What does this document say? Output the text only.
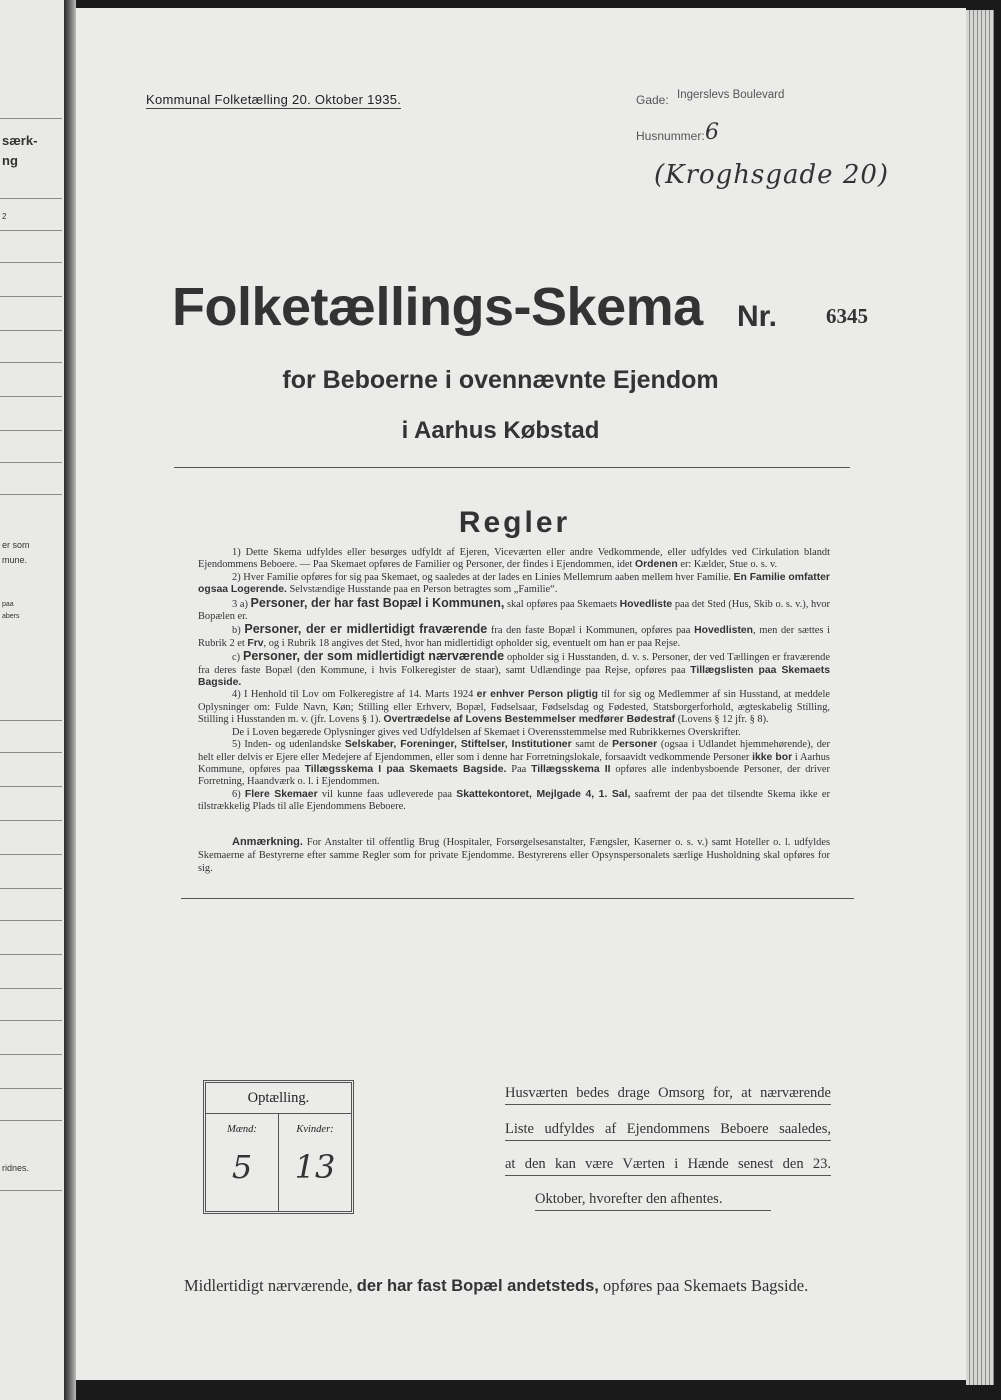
særk-
ng
2
er som
mune.
paa
abers
ridnes.
Kommunal Folketælling 20. Oktober 1935.	Gade: Ingerslevs Boulevard
Husnummer: 6
(Kroghsgade 20)
Folketællings-Skema Nr. 6345
for Beboerne i ovennævnte Ejendom
i Aarhus Købstad
Regler

1) Dette Skema udfyldes eller besørges udfyldt af Ejeren, Viceværten eller andre Vedkommende, eller udfyldes ved Cirkulation blandt Ejendommens Beboere. — Paa Skemaet opføres de Familier og Personer, der findes i Ejendommen, idet Ordenen er: Kælder, Stue o. s. v.

2) Hver Familie opføres for sig paa Skemaet, og saaledes at der lades en Linies Mellemrum aaben mellem hver Familie. En Familie omfatter ogsaa Logerende. Selvstændige Husstande paa en Person betragtes som „Familie“.

3 a) Personer, der har fast Bopæl i Kommunen, skal opføres paa Skemaets Hovedliste paa det Sted (Hus, Skib o. s. v.), hvor Bopælen er.

b) Personer, der er midlertidigt fraværende fra den faste Bopæl i Kommunen, opføres paa Hovedlisten, men der sættes i Rubrik 2 et Frv, og i Rubrik 18 angives det Sted, hvor han midlertidigt opholder sig, eventuelt om han er paa Rejse.

c) Personer, der som midlertidigt nærværende opholder sig i Husstanden, d. v. s. Personer, der ved Tællingen er fraværende fra deres faste Bopæl (den Kommune, i hvis Folkeregister de staar), samt Udlændinge paa Rejse, opføres paa Tillægslisten paa Skemaets Bagside.

4) I Henhold til Lov om Folkeregistre af 14. Marts 1924 er enhver Person pligtig til for sig og Medlemmer af sin Husstand, at meddele Oplysninger om: Fulde Navn, Køn; Stilling eller Erhverv, Bopæl, Fødselsaar, Fødselsdag og Fødested, Statsborgerforhold, ægteskabelig Stilling, Stilling i Husstanden m. v. (jfr. Lovens § 1). Overtrædelse af Lovens Bestemmelser medfører Bødestraf (Lovens § 12 jfr. § 8).

De i Loven begærede Oplysninger gives ved Udfyldelsen af Skemaet i Overensstemmelse med Rubrikkernes Overskrifter.

5) Inden- og udenlandske Selskaber, Foreninger, Stiftelser, Institutioner samt de Personer (ogsaa i Udlandet hjemmehørende), der helt eller delvis er Ejere eller Medejere af Ejendommen, eller som i denne har Forretningslokale, forsaavidt vedkommende Personer ikke bor i Aarhus Kommune, opføres paa Tillægsskema I paa Skemaets Bagside. Paa Tillægsskema II opføres alle indenbysboende Personer, der driver Forretning, Haandværk o. l. i Ejendommen.

6) Flere Skemaer vil kunne faas udleverede paa Skattekontoret, Mejlgade 4, 1. Sal, saafremt der paa det tilsendte Skema ikke er tilstrækkelig Plads til alle Ejendommens Beboere.

Anmærkning. For Anstalter til offentlig Brug (Hospitaler, Forsørgelsesanstalter, Fængsler, Kaserner o. s. v.) samt Hoteller o. l. udfyldes Skemaerne af Bestyrerne efter samme Regler som for private Ejendomme. Bestyrerens eller Opsynspersonalets særlige Husholdning skal opføres for sig.
Optælling.
Mænd:
5
Kvinder:
13
Husværten bedes drage Omsorg for, at nærværende
Liste udfyldes af Ejendommens Beboere saaledes,
at den kan være Værten i Hænde senest den 23.
Oktober, hvorefter den afhentes.
Midlertidigt nærværende, der har fast Bopæl andetsteds, opføres paa Skemaets Bagside.
